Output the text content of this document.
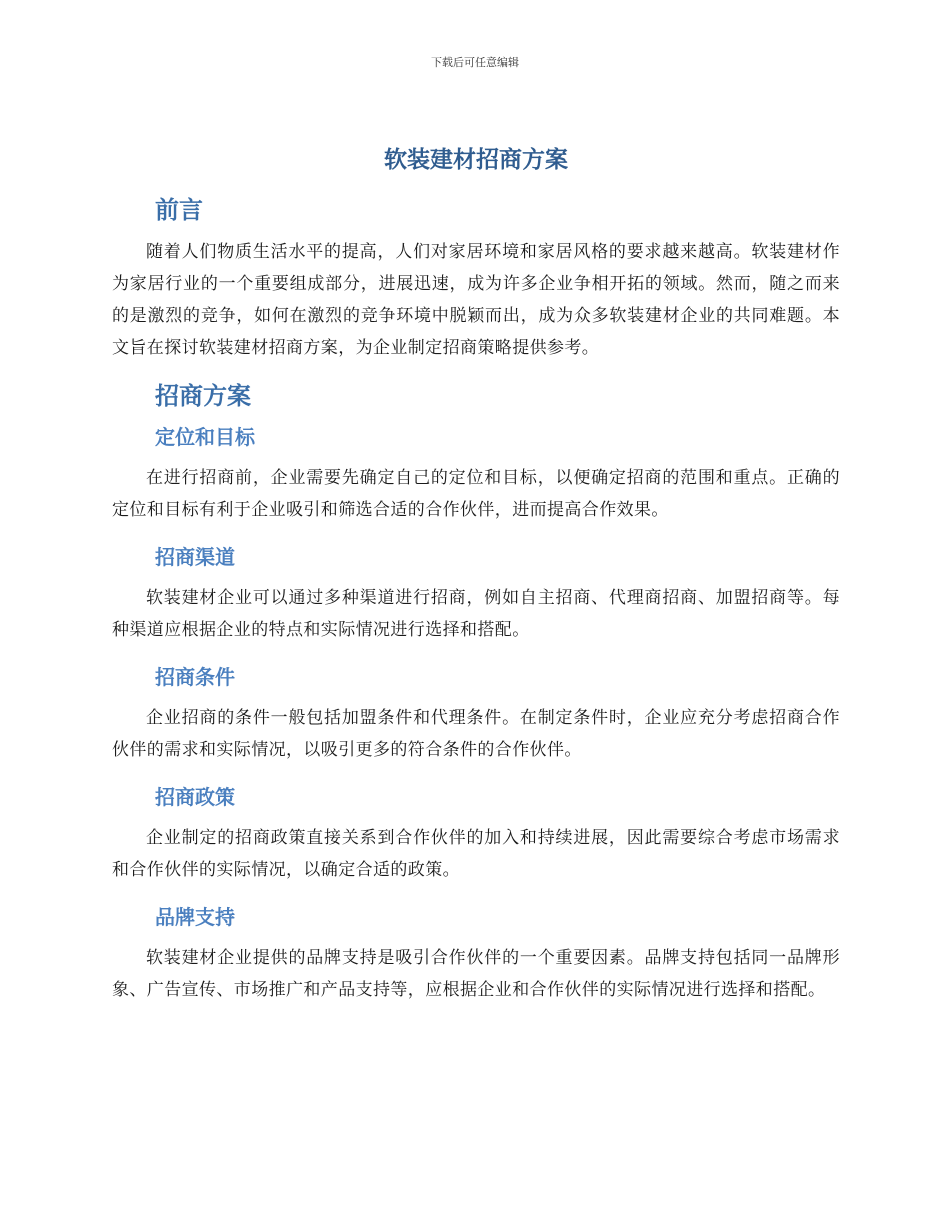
下载后可任意编辑
软装建材招商方案
前言

随着人们物质生活水平的提高，人们对家居环境和家居风格的要求越来越高。软装建材作为家居行业的一个重要组成部分，进展迅速，成为许多企业争相开拓的领域。然而，随之而来的是激烈的竞争，如何在激烈的竞争环境中脱颖而出，成为众多软装建材企业的共同难题。本文旨在探讨软装建材招商方案，为企业制定招商策略提供参考。

招商方案
定位和目标

在进行招商前，企业需要先确定自己的定位和目标，以便确定招商的范围和重点。正确的定位和目标有利于企业吸引和筛选合适的合作伙伴，进而提高合作效果。

招商渠道

软装建材企业可以通过多种渠道进行招商，例如自主招商、代理商招商、加盟招商等。每种渠道应根据企业的特点和实际情况进行选择和搭配。

招商条件

企业招商的条件一般包括加盟条件和代理条件。在制定条件时，企业应充分考虑招商合作伙伴的需求和实际情况，以吸引更多的符合条件的合作伙伴。

招商政策

企业制定的招商政策直接关系到合作伙伴的加入和持续进展，因此需要综合考虑市场需求和合作伙伴的实际情况，以确定合适的政策。

品牌支持

软装建材企业提供的品牌支持是吸引合作伙伴的一个重要因素。品牌支持包括同一品牌形象、广告宣传、市场推广和产品支持等，应根据企业和合作伙伴的实际情况进行选择和搭配。
